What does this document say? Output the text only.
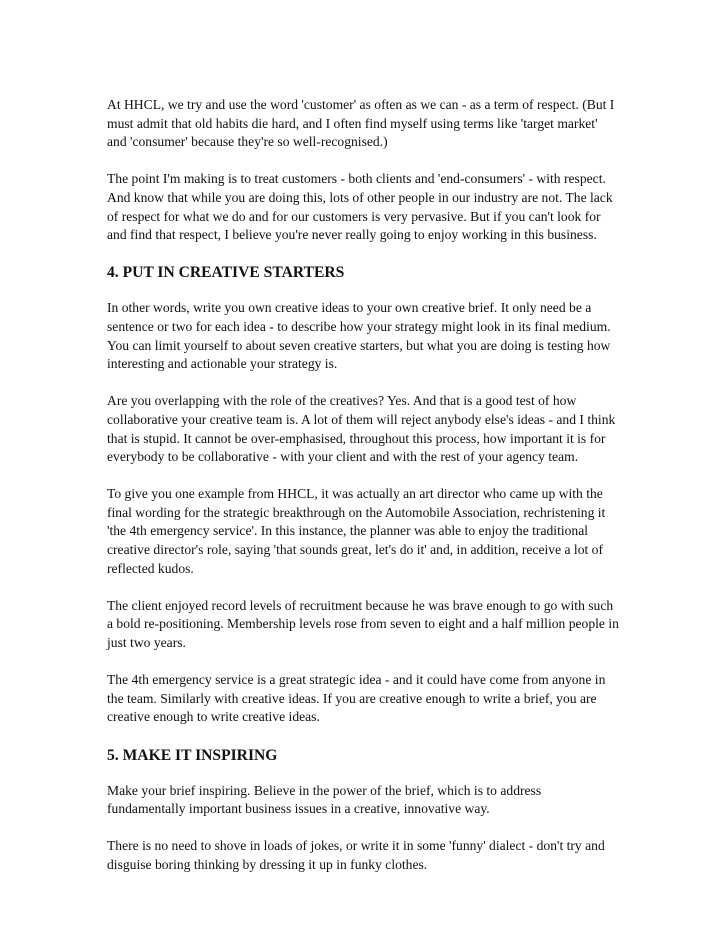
At HHCL, we try and use the word 'customer' as often as we can - as a term of respect. (But I must admit that old habits die hard, and I often find myself using terms like 'target market' and 'consumer' because they're so well-recognised.)

The point I'm making is to treat customers - both clients and 'end-consumers' - with respect. And know that while you are doing this, lots of other people in our industry are not. The lack of respect for what we do and for our customers is very pervasive. But if you can't look for and find that respect, I believe you're never really going to enjoy working in this business.

4. PUT IN CREATIVE STARTERS

In other words, write you own creative ideas to your own creative brief. It only need be a sentence or two for each idea - to describe how your strategy might look in its final medium. You can limit yourself to about seven creative starters, but what you are doing is testing how interesting and actionable your strategy is.

Are you overlapping with the role of the creatives? Yes. And that is a good test of how collaborative your creative team is. A lot of them will reject anybody else's ideas - and I think that is stupid. It cannot be over-emphasised, throughout this process, how important it is for everybody to be collaborative - with your client and with the rest of your agency team.

To give you one example from HHCL, it was actually an art director who came up with the final wording for the strategic breakthrough on the Automobile Association, rechristening it 'the 4th emergency service'. In this instance, the planner was able to enjoy the traditional creative director's role, saying 'that sounds great, let's do it' and, in addition, receive a lot of reflected kudos.

The client enjoyed record levels of recruitment because he was brave enough to go with such a bold re-positioning. Membership levels rose from seven to eight and a half million people in just two years.

The 4th emergency service is a great strategic idea - and it could have come from anyone in the team. Similarly with creative ideas. If you are creative enough to write a brief, you are creative enough to write creative ideas.

5. MAKE IT INSPIRING

Make your brief inspiring. Believe in the power of the brief, which is to address fundamentally important business issues in a creative, innovative way.

There is no need to shove in loads of jokes, or write it in some 'funny' dialect - don't try and disguise boring thinking by dressing it up in funky clothes.
